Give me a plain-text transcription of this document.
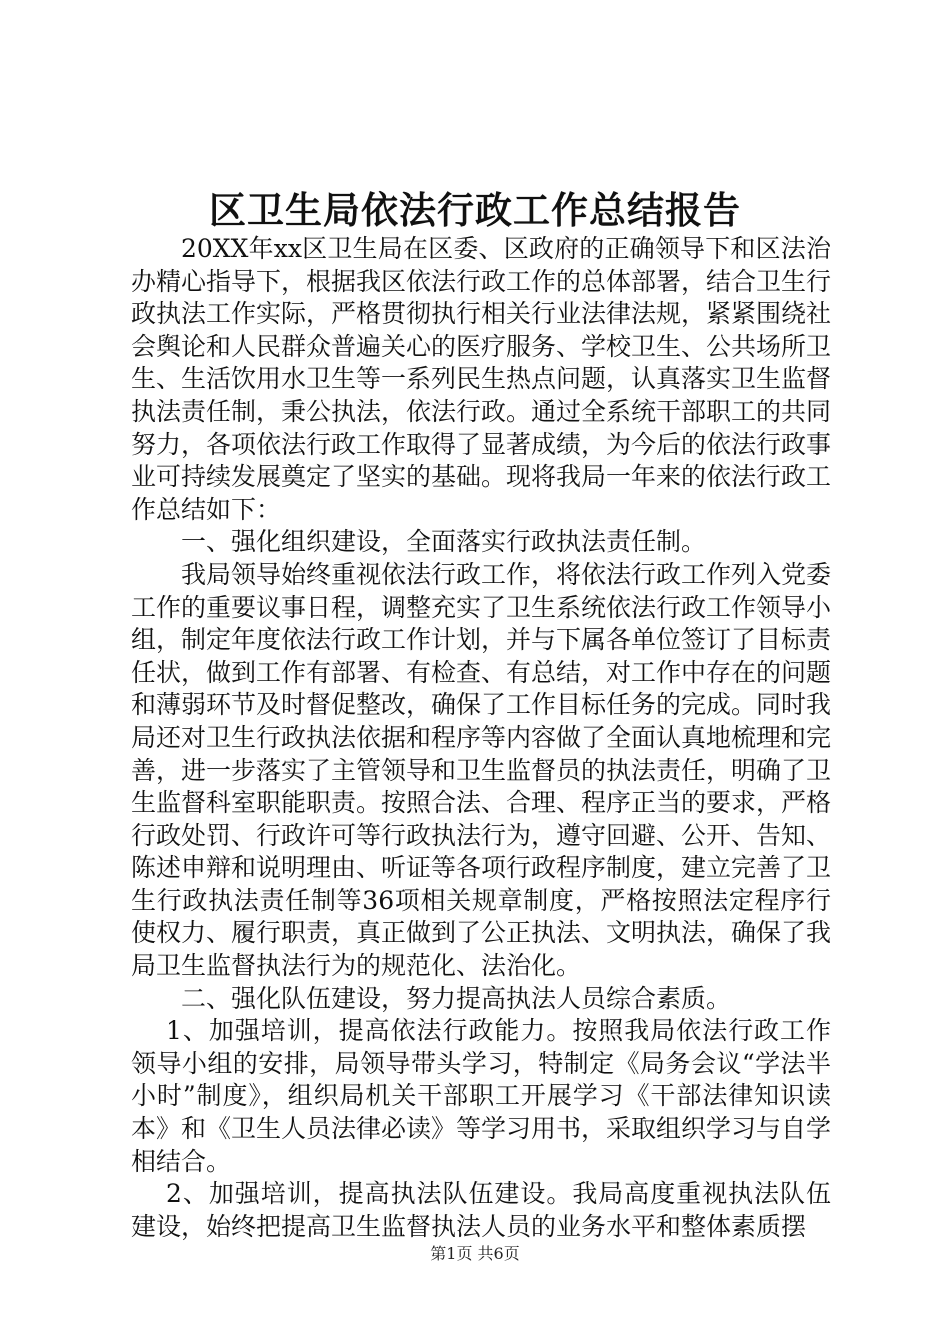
区卫生局依法行政工作总结报告

20XX年xx区卫生局在区委、区政府的正确领导下和区法治办精心指导下，根据我区依法行政工作的总体部署，结合卫生行政执法工作实际，严格贯彻执行相关行业法律法规，紧紧围绕社会舆论和人民群众普遍关心的医疗服务、学校卫生、公共场所卫生、生活饮用水卫生等一系列民生热点问题，认真落实卫生监督执法责任制，秉公执法，依法行政。通过全系统干部职工的共同努力，各项依法行政工作取得了显著成绩，为今后的依法行政事业可持续发展奠定了坚实的基础。现将我局一年来的依法行政工作总结如下：

一、强化组织建设，全面落实行政执法责任制。

我局领导始终重视依法行政工作，将依法行政工作列入党委工作的重要议事日程，调整充实了卫生系统依法行政工作领导小组，制定年度依法行政工作计划，并与下属各单位签订了目标责任状，做到工作有部署、有检查、有总结，对工作中存在的问题和薄弱环节及时督促整改，确保了工作目标任务的完成。同时我局还对卫生行政执法依据和程序等内容做了全面认真地梳理和完善，进一步落实了主管领导和卫生监督员的执法责任，明确了卫生监督科室职能职责。按照合法、合理、程序正当的要求，严格行政处罚、行政许可等行政执法行为，遵守回避、公开、告知、陈述申辩和说明理由、听证等各项行政程序制度，建立完善了卫生行政执法责任制等36项相关规章制度，严格按照法定程序行使权力、履行职责，真正做到了公正执法、文明执法，确保了我局卫生监督执法行为的规范化、法治化。

二、强化队伍建设，努力提高执法人员综合素质。

1、加强培训，提高依法行政能力。按照我局依法行政工作领导小组的安排，局领导带头学习，特制定《局务会议“学法半小时”制度》，组织局机关干部职工开展学习《干部法律知识读本》和《卫生人员法律必读》等学习用书，采取组织学习与自学相结合。

2、加强培训，提高执法队伍建设。我局高度重视执法队伍建设，始终把提高卫生监督执法人员的业务水平和整体素质摆

第1页 共6页
